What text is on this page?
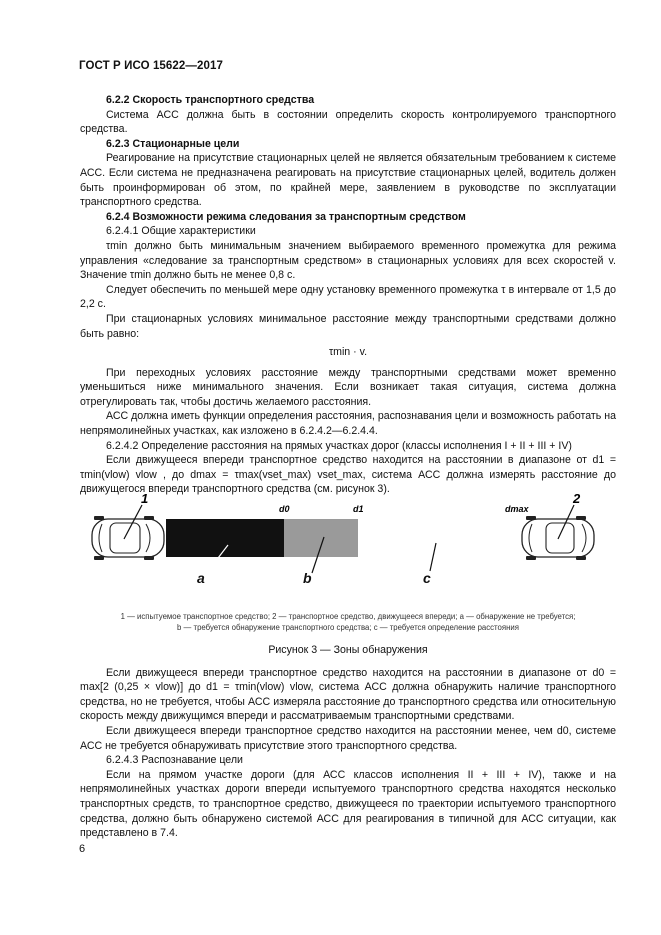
ГОСТ Р ИСО 15622—2017

6.2.2 Скорость транспортного средства

Система АСС должна быть в состоянии определить скорость контролируемого транспортного средства.

6.2.3 Стационарные цели

Реагирование на присутствие стационарных целей не является обязательным требованием к системе АСС. Если система не предназначена реагировать на присутствие стационарных целей, водитель должен быть проинформирован об этом, по крайней мере, заявлением в руководстве по эксплуатации транспортного средства.

6.2.4 Возможности режима следования за транспортным средством

6.2.4.1 Общие характеристики

τmin должно быть минимальным значением выбираемого временного промежутка для режима управления «следование за транспортным средством» в стационарных условиях для всех скоростей v. Значение τmin должно быть не менее 0,8 с.

Следует обеспечить по меньшей мере одну установку временного промежутка τ в интервале от 1,5 до 2,2 с.

При стационарных условиях минимальное расстояние между транспортными средствами должно быть равно:

τmin · v.

При переходных условиях расстояние между транспортными средствами может временно уменьшиться ниже минимального значения. Если возникает такая ситуация, система должна отрегулировать так, чтобы достичь желаемого расстояния.

АСС должна иметь функции определения расстояния, распознавания цели и возможность работать на непрямолинейных участках, как изложено в 6.2.4.2—6.2.4.4.

6.2.4.2 Определение расстояния на прямых участках дорог (классы исполнения I + II + III + IV)

Если движущееся впереди транспортное средство находится на расстоянии в диапазоне от d1 = τmin(vlow) vlow , до dmax = τmax(vset_max) vset_max, система АСС должна измерять расстояние до движущегося впереди транспортного средства (см. рисунок 3).

1
d0	d1	dmax
a	b	c
2

1 — испытуемое транспортное средство; 2 — транспортное средство, движущееся впереди; a — обнаружение не требуется;

b — требуется обнаружение транспортного средства; c — требуется определение расстояния

Рисунок 3 — Зоны обнаружения

Если движущееся впереди транспортное средство находится на расстоянии в диапазоне от d0 = max[2 (0,25 × vlow)] до d1 = τmin(vlow) vlow, система АСС должна обнаружить наличие транспортного средства, но не требуется, чтобы АСС измеряла расстояние до транспортного средства или относительную скорость между движущимся впереди и рассматриваемым транспортными средствами.

Если движущееся впереди транспортное средство находится на расстоянии менее, чем d0, системе АСС не требуется обнаруживать присутствие этого транспортного средства.

6.2.4.3 Распознавание цели

Если на прямом участке дороги (для АСС классов исполнения II + III + IV), также и на непрямолинейных участках дороги впереди испытуемого транспортного средства находятся несколько транспортных средств, то транспортное средство, движущееся по траектории испытуемого транспортного средства, должно быть обнаружено системой АСС для реагирования в типичной для АСС ситуации, как представлено в 7.4.

6
